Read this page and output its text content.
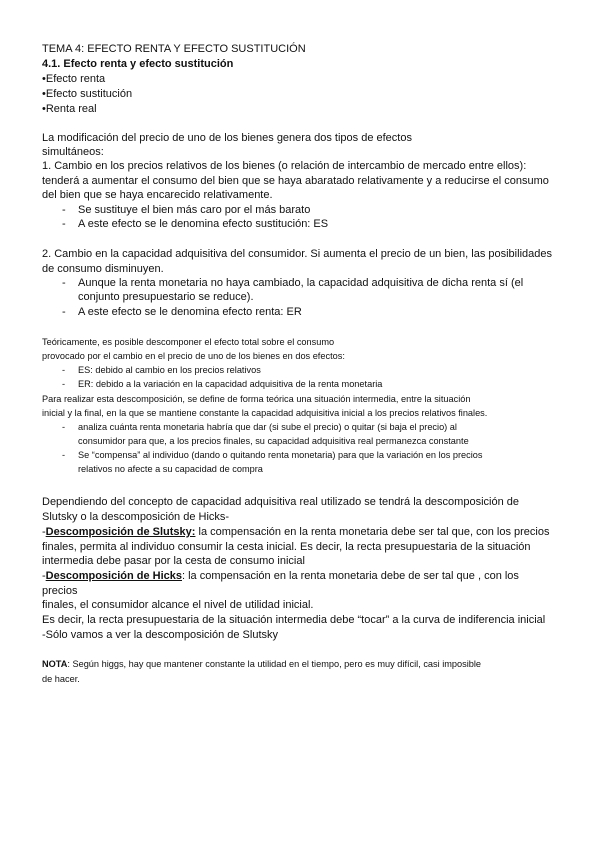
TEMA 4: EFECTO RENTA Y EFECTO SUSTITUCIÓN
4.1. Efecto renta y efecto sustitución
•Efecto renta
•Efecto sustitución
•Renta real
La modificación del precio de uno de los bienes genera dos tipos de efectos
simultáneos:
1. Cambio en los precios relativos de los bienes (o relación de intercambio de mercado entre ellos):
tenderá a aumentar el consumo del bien que se haya abaratado relativamente y a reducirse el consumo
del bien que se haya encarecido relativamente.
- Se sustituye el bien más caro por el más barato
- A este efecto se le denomina efecto sustitución: ES
2. Cambio en la capacidad adquisitiva del consumidor. Si aumenta el precio de un bien, las posibilidades
de consumo disminuyen.
- Aunque la renta monetaria no haya cambiado, la capacidad adquisitiva de dicha renta sí (el
conjunto presupuestario se reduce).
- A este efecto se le denomina efecto renta: ER
Teóricamente, es posible descomponer el efecto total sobre el consumo
provocado por el cambio en el precio de uno de los bienes en dos efectos:
- ES: debido al cambio en los precios relativos
- ER: debido a la variación en la capacidad adquisitiva de la renta monetaria
Para realizar esta descomposición, se define de forma teórica una situación intermedia, entre la situación
inicial y la final, en la que se mantiene constante la capacidad adquisitiva inicial a los precios relativos finales.
- analiza cuánta renta monetaria habría que dar (si sube el precio) o quitar (si baja el precio) al
consumidor para que, a los precios finales, su capacidad adquisitiva real permanezca constante
- Se “compensa” al individuo (dando o quitando renta monetaria) para que la variación en los precios
relativos no afecte a su capacidad de compra
Dependiendo del concepto de capacidad adquisitiva real utilizado se tendrá la descomposición de
Slutsky o la descomposición de Hicks-
-Descomposición de Slutsky: la compensación en la renta monetaria debe ser tal que, con los precios
finales, permita al individuo consumir la cesta inicial. Es decir, la recta presupuestaria de la situación
intermedia debe pasar por la cesta de consumo inicial
-Descomposición de Hicks: la compensación en la renta monetaria debe de ser tal que , con los
precios
finales, el consumidor alcance el nivel de utilidad inicial.
Es decir, la recta presupuestaria de la situación intermedia debe “tocar” a la curva de indiferencia inicial
-Sólo vamos a ver la descomposición de Slutsky
NOTA: Según higgs, hay que mantener constante la utilidad en el tiempo, pero es muy difícil, casi imposible
de hacer.
